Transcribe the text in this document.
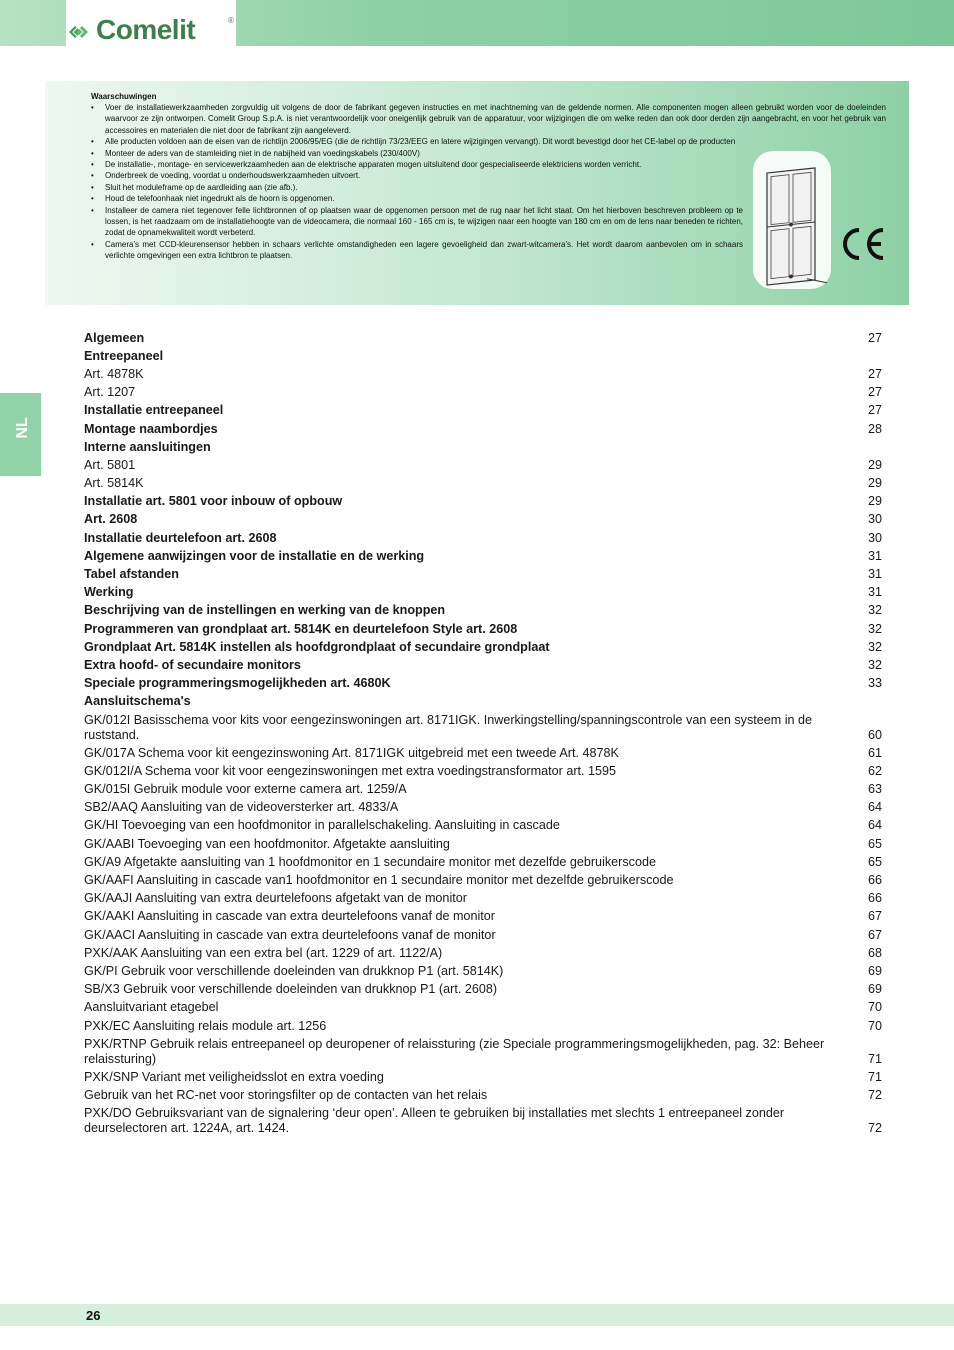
Comelit	®
Waarschuwingen
• Voer de installatiewerkzaamheden zorgvuldig uit volgens de door de fabrikant gegeven instructies en met inachtneming van de geldende normen. Alle componenten mogen alleen gebruikt worden voor de doeleinden waarvoor ze zijn ontworpen. Comelit Group S.p.A. is niet verantwoordelijk voor oneigenlijk gebruik van de apparatuur, voor wijzigingen die om welke reden dan ook door derden zijn aangebracht, en voor het gebruik van accessoires en materialen die niet door de fabrikant zijn aangeleverd.
• Alle producten voldoen aan de eisen van de richtlijn 2006/95/EG (die de richtlijn 73/23/EEG en latere wijzigingen vervangt). Dit wordt bevestigd door het CE-label op de producten
• Monteer de aders van de stamleiding niet in de nabijheid van voedingskabels (230/400V)
• De installatie-, montage- en servicewerkzaamheden aan de elektrische apparaten mogen uitsluitend door gespecialiseerde elektriciens worden verricht.
• Onderbreek de voeding, voordat u onderhoudswerkzaamheden uitvoert.
• Sluit het moduleframe op de aardleiding aan (zie afb.).
• Houd de telefoonhaak niet ingedrukt als de hoorn is opgenomen.
• Installeer de camera niet tegenover felle lichtbronnen of op plaatsen waar de opgenomen persoon met de rug naar het licht staat. Om het hierboven beschreven probleem op te lossen, is het raadzaam om de installatiehoogte van de videocamera, die normaal 160 - 165 cm is, te wijzigen naar een hoogte van 180 cm en om de lens naar beneden te richten, zodat de opnamekwaliteit wordt verbeterd.
• Camera's met CCD-kleurensensor hebben in schaars verlichte omstandigheden een lagere gevoeligheid dan zwart-witcamera's. Het wordt daarom aanbevolen om in schaars verlichte omgevingen een extra lichtbron te plaatsen.
NL
Algemeen	27
Entreepaneel
Art. 4878K	27
Art. 1207	27
Installatie entreepaneel	27
Montage naambordjes	28
Interne aansluitingen
Art. 5801	29
Art. 5814K	29
Installatie art. 5801 voor inbouw of opbouw	29
Art. 2608	30
Installatie deurtelefoon art. 2608	30
Algemene aanwijzingen voor de installatie en de werking	31
Tabel afstanden	31
Werking	31
Beschrijving van de instellingen en werking van de knoppen	32
Programmeren van grondplaat art. 5814K en deurtelefoon Style art. 2608	32
Grondplaat Art. 5814K instellen als hoofdgrondplaat of secundaire grondplaat	32
Extra hoofd- of secundaire monitors	32
Speciale programmeringsmogelijkheden art. 4680K	33
Aansluitschema's
GK/012I Basisschema voor kits voor eengezinswoningen art. 8171IGK. Inwerkingstelling/spanningscontrole van een systeem in de ruststand.	60
GK/017A Schema voor kit eengezinswoning Art. 8171IGK uitgebreid met een tweede Art. 4878K	61
GK/012I/A Schema voor kit voor eengezinswoningen met extra voedingstransformator art. 1595	62
GK/015I Gebruik module voor externe camera art. 1259/A	63
SB2/AAQ Aansluiting van de videoversterker art. 4833/A	64
GK/HI Toevoeging van een hoofdmonitor in parallelschakeling. Aansluiting in cascade	64
GK/AABI Toevoeging van een hoofdmonitor. Afgetakte aansluiting	65
GK/A9 Afgetakte aansluiting van 1 hoofdmonitor en 1 secundaire monitor met dezelfde gebruikerscode	65
GK/AAFI Aansluiting in cascade van1 hoofdmonitor en 1 secundaire monitor met dezelfde gebruikerscode	66
GK/AAJI Aansluiting van extra deurtelefoons afgetakt van de monitor	66
GK/AAKI Aansluiting in cascade van extra deurtelefoons vanaf de monitor	67
GK/AACI Aansluiting in cascade van extra deurtelefoons vanaf de monitor	67
PXK/AAK Aansluiting van een extra bel (art. 1229 of art. 1122/A)	68
GK/PI Gebruik voor verschillende doeleinden van drukknop P1 (art. 5814K)	69
SB/X3 Gebruik voor verschillende doeleinden van drukknop P1 (art. 2608)	69
Aansluitvariant etagebel	70
PXK/EC Aansluiting relais module art. 1256	70
PXK/RTNP Gebruik relais entreepaneel op deuropener of relaissturing (zie Speciale programmeringsmogelijkheden, pag. 32: Beheer relaissturing)	71
PXK/SNP Variant met veiligheidsslot en extra voeding	71
Gebruik van het RC-net voor storingsfilter op de contacten van het relais	72
PXK/DO Gebruiksvariant van de signalering ‘deur open’. Alleen te gebruiken bij installaties met slechts 1 entreepaneel zonder deurselectoren art. 1224A, art. 1424.	72
26
